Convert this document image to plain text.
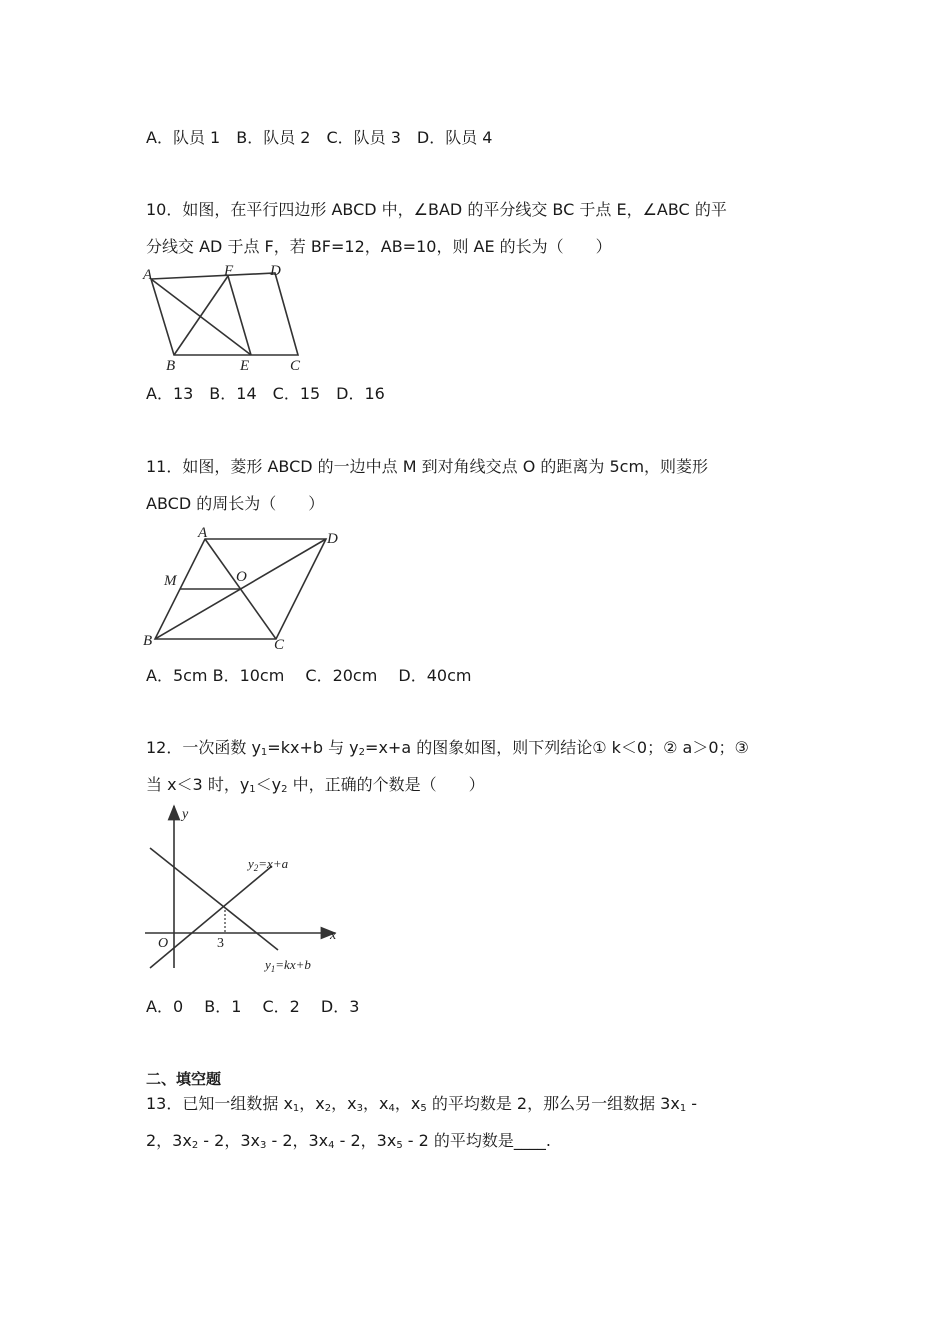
A．队员 1　B．队员 2　C．队员 3　D．队员 4
10．如图，在平行四边形 ABCD 中，∠BAD 的平分线交 BC 于点 E，∠ABC 的平
分线交 AD 于点 F，若 BF=12，AB=10，则 AE 的长为（　　）
A	F D
B	E	C
A．13　B．14　C．15　D．16
11．如图，菱形 ABCD 的一边中点 M 到对角线交点 O 的距离为 5cm，则菱形
ABCD 的周长为（　　）
A	D
M	O
B	C
A．5cm B．10cm　 C．20cm　 D．40cm
12．一次函数 $y_1=kx+b$ 与 $y_2=x+a$ 的图象如图，则下列结论① k＜0；② a＞0；③
当 x＜3 时，$y_1<y_2$ 中，正确的个数是（　　）
y
x
O	3
$y_2=x+a$
$y_1=kx+b$
A．0　 B．1　 C．2　 D．3
二、填空题
13．已知一组数据 $x_1$，$x_2$，$x_3$，$x_4$，$x_5$ 的平均数是 2，那么另一组数据 $3x_1$ -
2，$3x_2 - 2$，$3x_3 - 2$，$3x_4 - 2$，$3x_5 - 2$ 的平均数是____.
